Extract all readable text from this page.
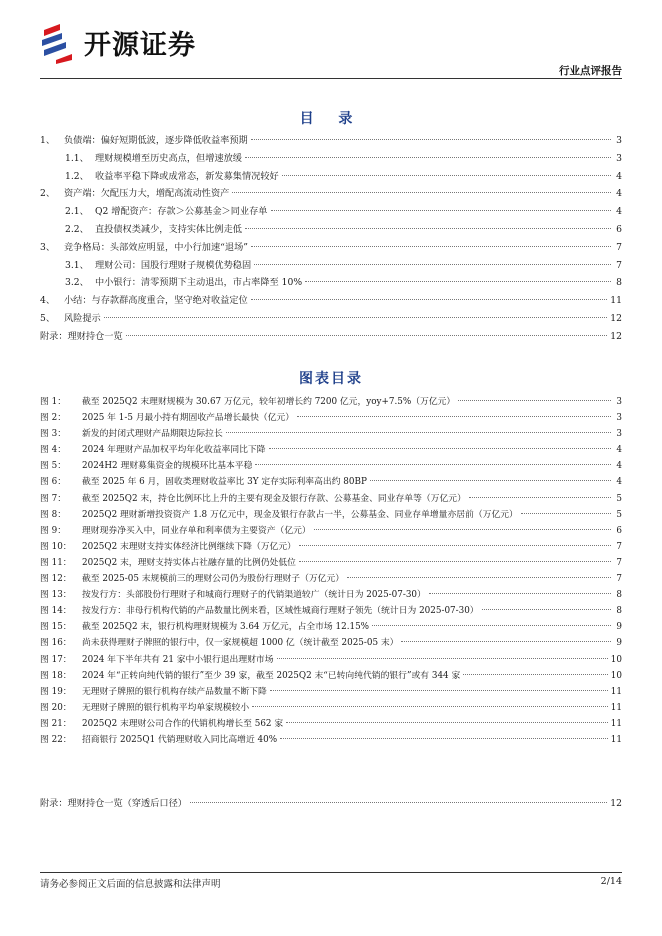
开源证券
行业点评报告
目 录
1、 负债端：偏好短期低波，逐步降低收益率预期	3
1.1、 理财规模增至历史高点，但增速放缓	3
1.2、 收益率平稳下降或成常态，新发募集情况较好	4
2、 资产端：欠配压力大，增配高流动性资产	4
2.1、 Q2 增配资产：存款＞公募基金＞同业存单	4
2.2、 直投债权类减少，支持实体比例走低	6
3、 竞争格局：头部效应明显，中小行加速“退场”	7
3.1、 理财公司：国股行理财子规模优势稳固	7
3.2、 中小银行：清零预期下主动退出，市占率降至 10%	8
4、 小结：与存款群高度重合，坚守绝对收益定位	11
5、 风险提示	12
附录：理财持仓一览	12
图表目录
图 1： 截至 2025Q2 末理财规模为 30.67 万亿元，较年初增长约 7200 亿元，yoy+7.5%（万亿元）	3
图 2： 2025 年 1-5 月最小持有期固收产品增长最快（亿元）	3
图 3： 新发的封闭式理财产品期限边际拉长	3
图 4： 2024 年理财产品加权平均年化收益率同比下降	4
图 5： 2024H2 理财募集资金的规模环比基本平稳	4
图 6： 截至 2025 年 6 月，固收类理财收益率比 3Y 定存实际利率高出约 80BP	4
图 7： 截至 2025Q2 末，持仓比例环比上升的主要有现金及银行存款、公募基金、同业存单等（万亿元）	5
图 8： 2025Q2 理财新增投资资产 1.8 万亿元中，现金及银行存款占一半，公募基金、同业存单增量亦居前（万亿元）	5
图 9： 理财现券净买入中，同业存单和利率债为主要资产（亿元）	6
图 10： 2025Q2 末理财支持实体经济比例继续下降（万亿元）	7
图 11： 2025Q2 末，理财支持实体占社融存量的比例仍处低位	7
图 12： 截至 2025-05 末规模前三的理财公司仍为股份行理财子（万亿元）	7
图 13： 按发行方：头部股份行理财子和城商行理财子的代销渠道较广（统计日为 2025-07-30）	8
图 14： 按发行方：非母行机构代销的产品数量比例来看，区域性城商行理财子领先（统计日为 2025-07-30）	8
图 15： 截至 2025Q2 末，银行机构理财规模为 3.64 万亿元，占全市场 12.15%	9
图 16： 尚未获得理财子牌照的银行中，仅一家规模超 1000 亿（统计截至 2025-05 末）	9
图 17： 2024 年下半年共有 21 家中小银行退出理财市场	10
图 18： 2024 年“正转向纯代销的银行”至少 39 家，截至 2025Q2 末“已转向纯代销的银行”或有 344 家	10
图 19： 无理财子牌照的银行机构存续产品数量不断下降	11
图 20： 无理财子牌照的银行机构平均单家规模较小	11
图 21： 2025Q2 末理财公司合作的代销机构增长至 562 家	11
图 22： 招商银行 2025Q1 代销理财收入同比高增近 40%	11
附录：理财持仓一览（穿透后口径）	12
请务必参阅正文后面的信息披露和法律声明	2/14
